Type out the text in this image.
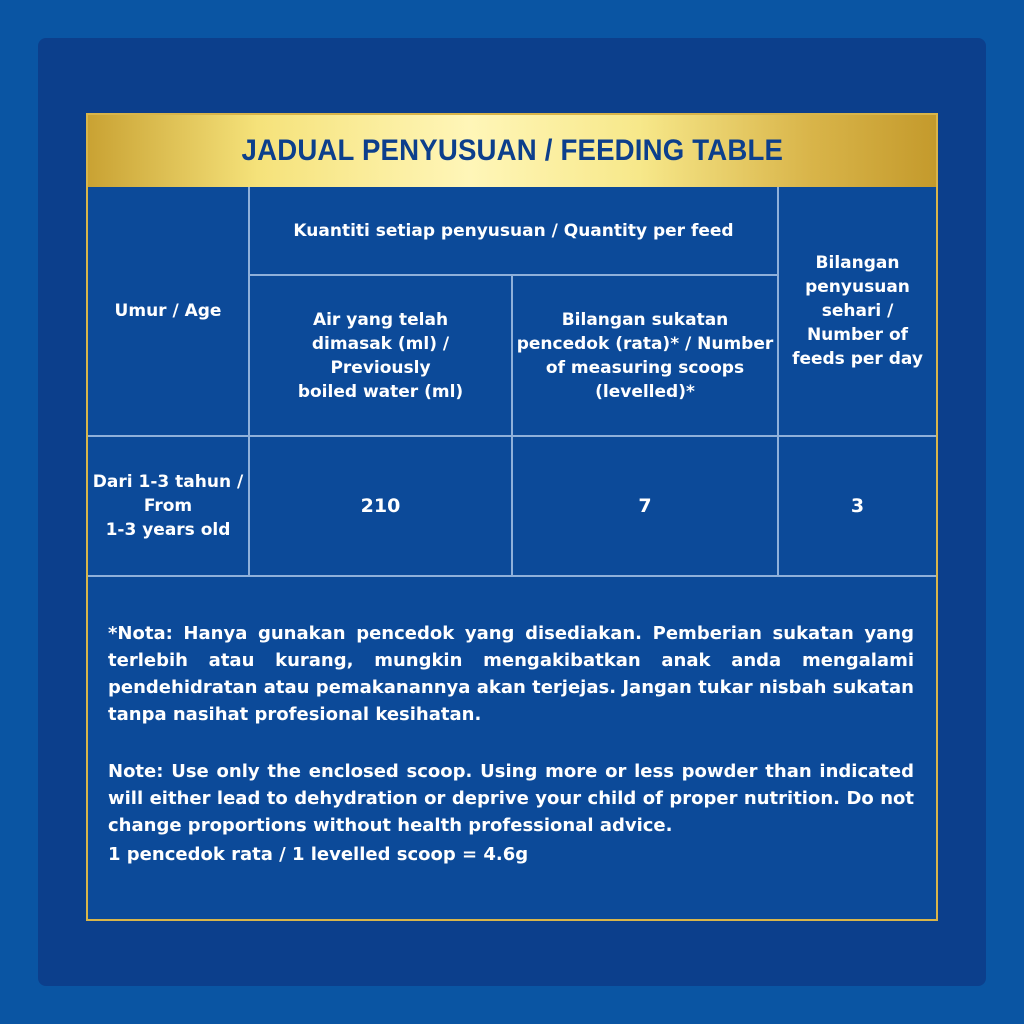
JADUAL PENYUSUAN / FEEDING TABLE
Umur / Age
Kuantiti setiap penyusuan / Quantity per feed
Air yang telah
dimasak (ml) /
Previously
boiled water (ml)
Bilangan sukatan
pencedok (rata)* / Number
of measuring scoops
(levelled)*
Bilangan
penyusuan
sehari /
Number of
feeds per day
Dari 1-3 tahun /
From
1-3 years old
210	7	3

*Nota: Hanya gunakan pencedok yang disediakan. Pemberian sukatan yang terlebih atau kurang, mungkin mengakibatkan anak anda mengalami pendehidratan atau pemakanannya akan terjejas. Jangan tukar nisbah sukatan tanpa nasihat profesional kesihatan.

Note: Use only the enclosed scoop. Using more or less powder than indicated will either lead to dehydration or deprive your child of proper nutrition. Do not change proportions without health professional advice.

1 pencedok rata / 1 levelled scoop = 4.6g
